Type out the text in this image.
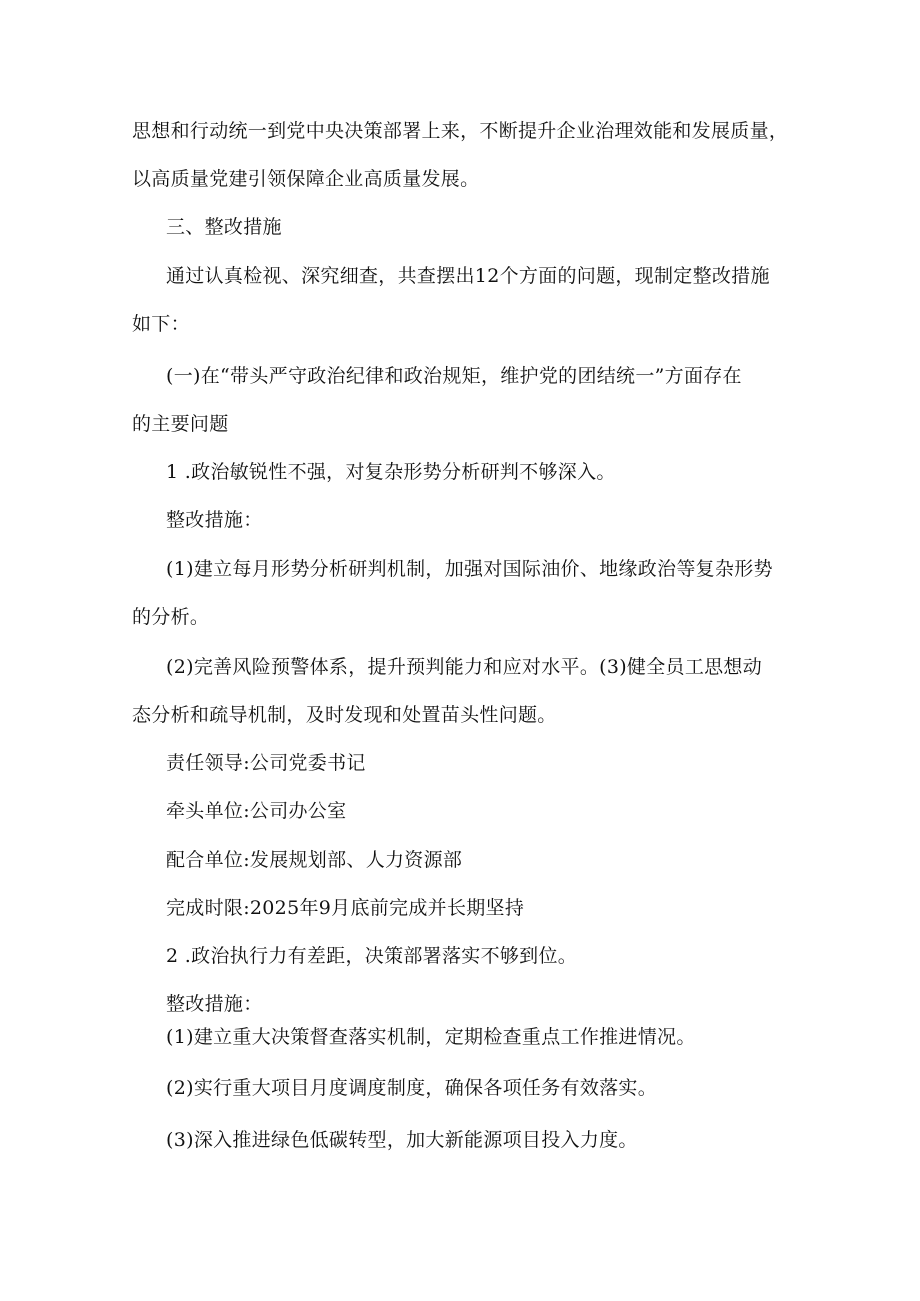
思想和行动统一到党中央决策部署上来，不断提升企业治理效能和发展质量，

以高质量党建引领保障企业高质量发展。

三、整改措施

通过认真检视、深究细查，共查摆出12个方面的问题，现制定整改措施

如下：

(一)在“带头严守政治纪律和政治规矩，维护党的团结统一”方面存在

的主要问题

1 .政治敏锐性不强，对复杂形势分析研判不够深入。

整改措施：

(1)建立每月形势分析研判机制，加强对国际油价、地缘政治等复杂形势

的分析。

(2)完善风险预警体系，提升预判能力和应对水平。(3)健全员工思想动

态分析和疏导机制，及时发现和处置苗头性问题。

责任领导:公司党委书记

牵头单位:公司办公室

配合单位:发展规划部、人力资源部

完成时限:2025年9月底前完成并长期坚持

2 .政治执行力有差距，决策部署落实不够到位。

整改措施：

(1)建立重大决策督查落实机制，定期检查重点工作推进情况。

(2)实行重大项目月度调度制度，确保各项任务有效落实。

(3)深入推进绿色低碳转型，加大新能源项目投入力度。
